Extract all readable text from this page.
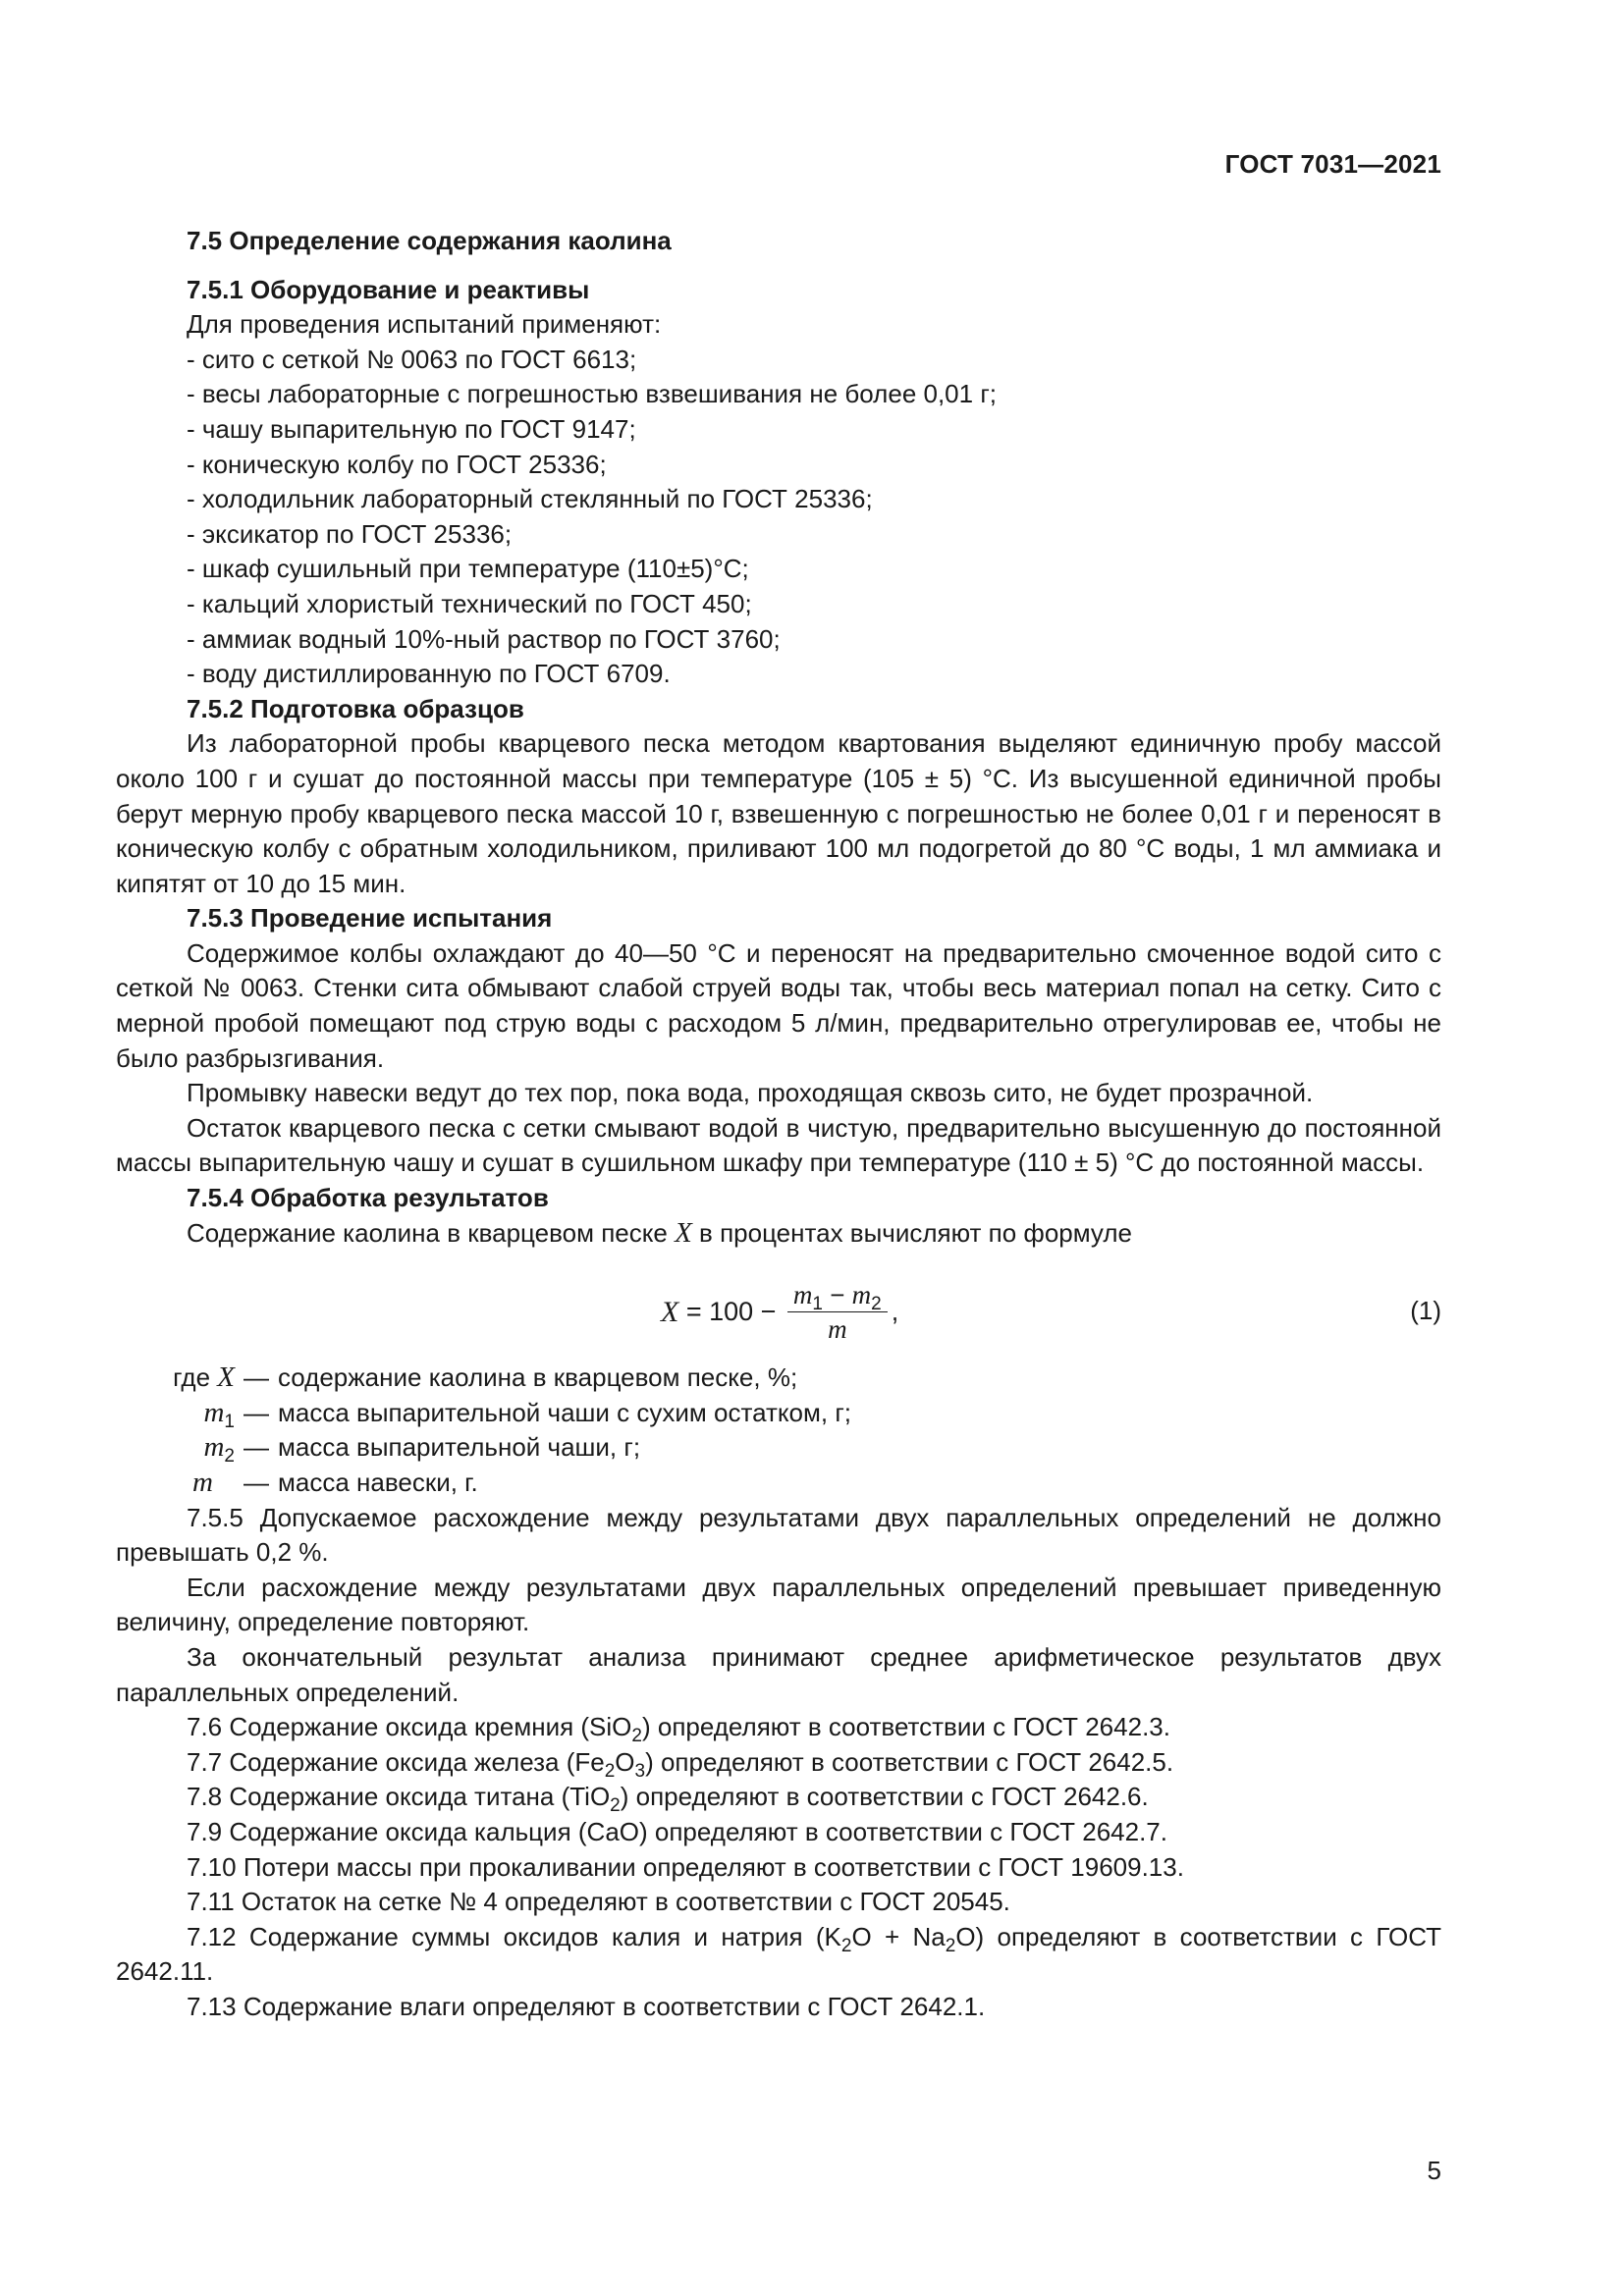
ГОСТ 7031—2021

7.5 Определение содержания каолина

7.5.1 Оборудование и реактивы

Для проведения испытаний применяют:

- сито с сеткой № 0063 по ГОСТ 6613;

- весы лабораторные с погрешностью взвешивания не более 0,01 г;

- чашу выпарительную по ГОСТ 9147;

- коническую колбу по ГОСТ 25336;

- холодильник лабораторный стеклянный по ГОСТ 25336;

- эксикатор по ГОСТ 25336;

- шкаф сушильный при температуре (110±5)°С;

- кальций хлористый технический по ГОСТ 450;

- аммиак водный 10%-ный раствор по ГОСТ 3760;

- воду дистиллированную по ГОСТ 6709.

7.5.2 Подготовка образцов

Из лабораторной пробы кварцевого песка методом квартования выделяют единичную пробу массой около 100 г и сушат до постоянной массы при температуре (105 ± 5) °С. Из высушенной единичной пробы берут мерную пробу кварцевого песка массой 10 г, взвешенную с погрешностью не более 0,01 г и переносят в коническую колбу с обратным холодильником, приливают 100 мл подогретой до 80 °С воды, 1 мл аммиака и кипятят от 10 до 15 мин.

7.5.3 Проведение испытания

Содержимое колбы охлаждают до 40—50 °С и переносят на предварительно смоченное водой сито с сеткой № 0063. Стенки сита обмывают слабой струей воды так, чтобы весь материал попал на сетку. Сито с мерной пробой помещают под струю воды с расходом 5 л/мин, предварительно отрегулировав ее, чтобы не было разбрызгивания.

Промывку навески ведут до тех пор, пока вода, проходящая сквозь сито, не будет прозрачной.

Остаток кварцевого песка с сетки смывают водой в чистую, предварительно высушенную до постоянной массы выпарительную чашу и сушат в сушильном шкафу при температуре (110 ± 5) °С до постоянной массы.

7.5.4 Обработка результатов

Содержание каолина в кварцевом песке X в процентах вычисляют по формуле

$X = 100 - \frac{m_1 - m_2}{m}$ ,	(1)
где X — содержание каолина в кварцевом песке, %;
$m_1$ — масса выпарительной чаши с сухим остатком, г;
$m_2$ — масса выпарительной чаши, г;
m	— масса навески, г.

7.5.5 Допускаемое расхождение между результатами двух параллельных определений не должно превышать 0,2 %.

Если расхождение между результатами двух параллельных определений превышает приведенную величину, определение повторяют.

За окончательный результат анализа принимают среднее арифметическое результатов двух параллельных определений.

7.6 Содержание оксида кремния (SiO$_2$) определяют в соответствии с ГОСТ 2642.3.

7.7 Содержание оксида железа $(Fe_2O_3)$ определяют в соответствии с ГОСТ 2642.5.

7.8 Содержание оксида титана (TiO$_2$) определяют в соответствии с ГОСТ 2642.6.

7.9 Содержание оксида кальция (CaO) определяют в соответствии с ГОСТ 2642.7.

7.10 Потери массы при прокаливании определяют в соответствии с ГОСТ 19609.13.

7.11 Остаток на сетке № 4 определяют в соответствии с ГОСТ 20545.

7.12 Содержание суммы оксидов калия и натрия $(K_2O + Na_2O)$ определяют в соответствии с ГОСТ 2642.11.

7.13 Содержание влаги определяют в соответствии с ГОСТ 2642.1.

5
